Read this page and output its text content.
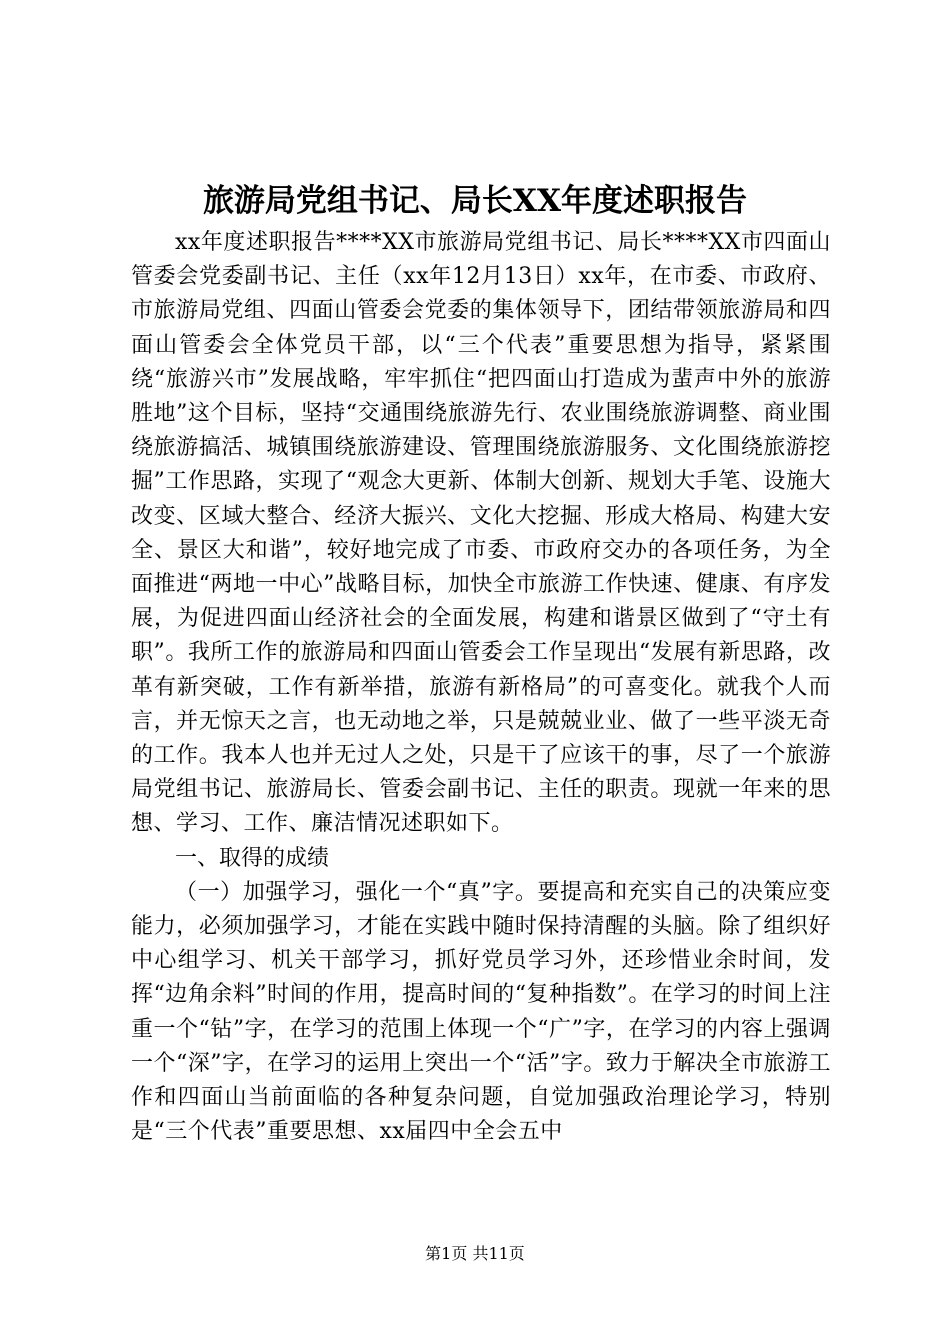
旅游局党组书记、局长XX年度述职报告

xx年度述职报告****XX市旅游局党组书记、局长****XX市四面山管委会党委副书记、主任（xx年12月13日）xx年，在市委、市政府、市旅游局党组、四面山管委会党委的集体领导下，团结带领旅游局和四面山管委会全体党员干部，以“三个代表”重要思想为指导，紧紧围绕“旅游兴市”发展战略，牢牢抓住“把四面山打造成为蜚声中外的旅游胜地”这个目标，坚持“交通围绕旅游先行、农业围绕旅游调整、商业围绕旅游搞活、城镇围绕旅游建设、管理围绕旅游服务、文化围绕旅游挖掘”工作思路，实现了“观念大更新、体制大创新、规划大手笔、设施大改变、区域大整合、经济大振兴、文化大挖掘、形成大格局、构建大安全、景区大和谐”，较好地完成了市委、市政府交办的各项任务，为全面推进“两地一中心”战略目标，加快全市旅游工作快速、健康、有序发展，为促进四面山经济社会的全面发展，构建和谐景区做到了“守土有职”。我所工作的旅游局和四面山管委会工作呈现出“发展有新思路，改革有新突破，工作有新举措，旅游有新格局”的可喜变化。就我个人而言，并无惊天之言，也无动地之举，只是兢兢业业、做了一些平淡无奇的工作。我本人也并无过人之处，只是干了应该干的事，尽了一个旅游局党组书记、旅游局长、管委会副书记、主任的职责。现就一年来的思想、学习、工作、廉洁情况述职如下。

一、取得的成绩

（一）加强学习，强化一个“真”字。要提高和充实自己的决策应变能力，必须加强学习，才能在实践中随时保持清醒的头脑。除了组织好中心组学习、机关干部学习，抓好党员学习外，还珍惜业余时间，发挥“边角余料”时间的作用，提高时间的“复种指数”。在学习的时间上注重一个“钻”字，在学习的范围上体现一个“广”字，在学习的内容上强调一个“深”字，在学习的运用上突出一个“活”字。致力于解决全市旅游工作和四面山当前面临的各种复杂问题，自觉加强政治理论学习，特别是“三个代表”重要思想、xx届四中全会五中

第1页 共11页
